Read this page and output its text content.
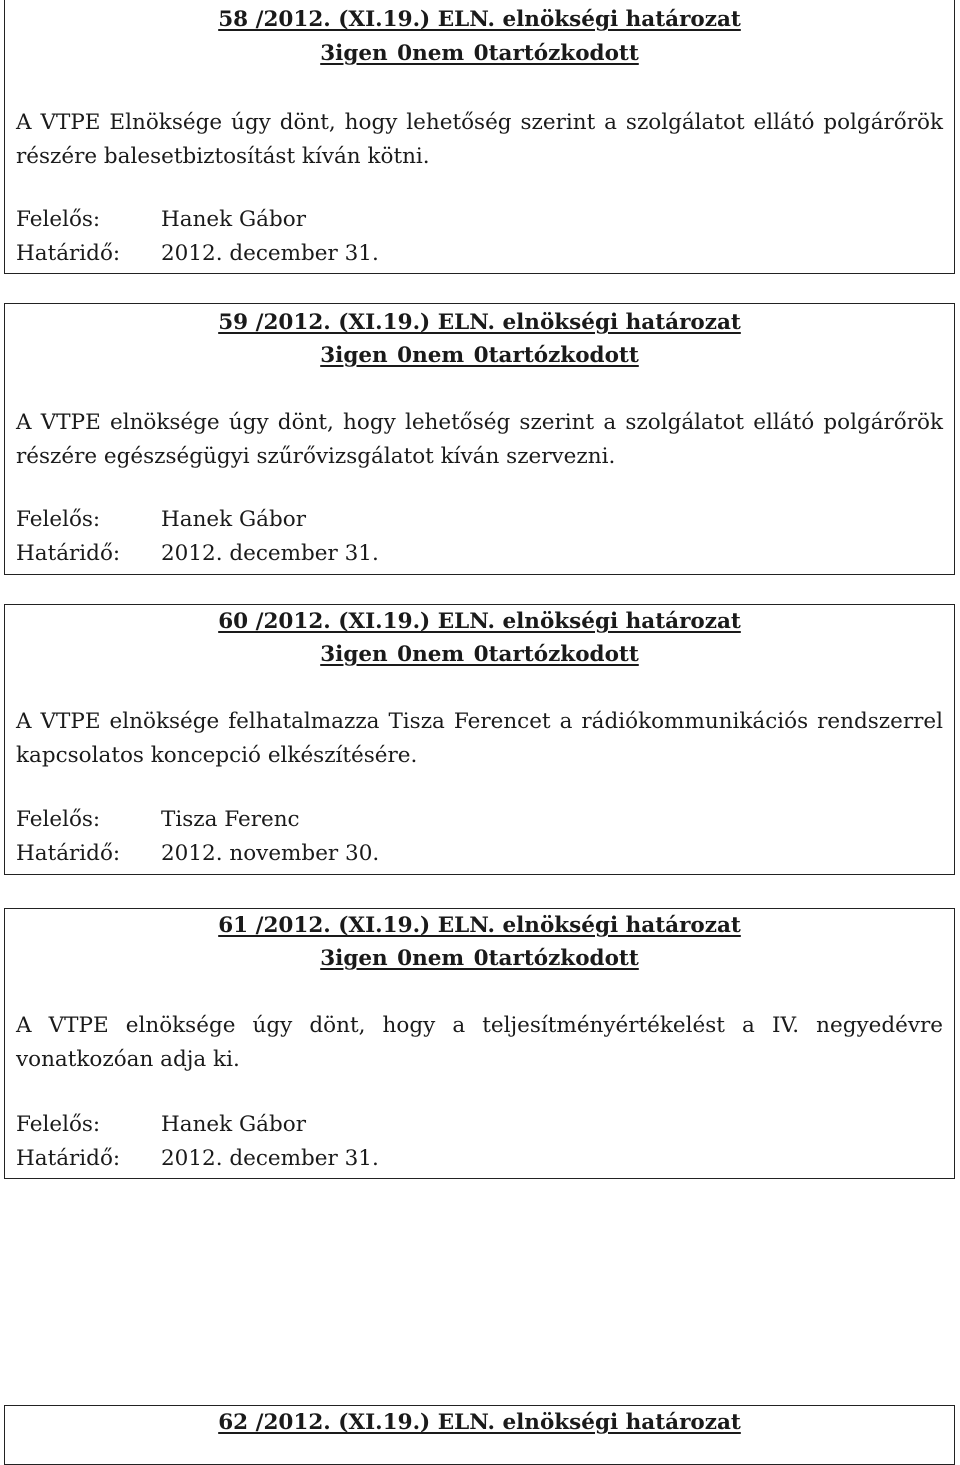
58 /2012. (XI.19.) ELN. elnökségi határozat
3igen 0nem 0tartózkodott
A VTPE Elnöksége úgy dönt, hogy lehetőség szerint a szolgálatot ellátó polgárőrök részére balesetbiztosítást kíván kötni.
Felelős:	Hanek Gábor
Határidő: 2012. december 31.
59 /2012. (XI.19.) ELN. elnökségi határozat
3igen 0nem 0tartózkodott
A VTPE elnöksége úgy dönt, hogy lehetőség szerint a szolgálatot ellátó polgárőrök részére egészségügyi szűrővizsgálatot kíván szervezni.
Felelős:	Hanek Gábor
Határidő: 2012. december 31.
60 /2012. (XI.19.) ELN. elnökségi határozat
3igen 0nem 0tartózkodott
A VTPE elnöksége felhatalmazza Tisza Ferencet a rádiókommunikációs rendszerrel kapcsolatos koncepció elkészítésére.
Felelős:	Tisza Ferenc
Határidő: 2012. november 30.
61 /2012. (XI.19.) ELN. elnökségi határozat
3igen 0nem 0tartózkodott
A VTPE elnöksége úgy dönt, hogy a teljesítményértékelést a IV. negyedévre vonatkozóan adja ki.
Felelős:	Hanek Gábor
Határidő: 2012. december 31.
62 /2012. (XI.19.) ELN. elnökségi határozat
